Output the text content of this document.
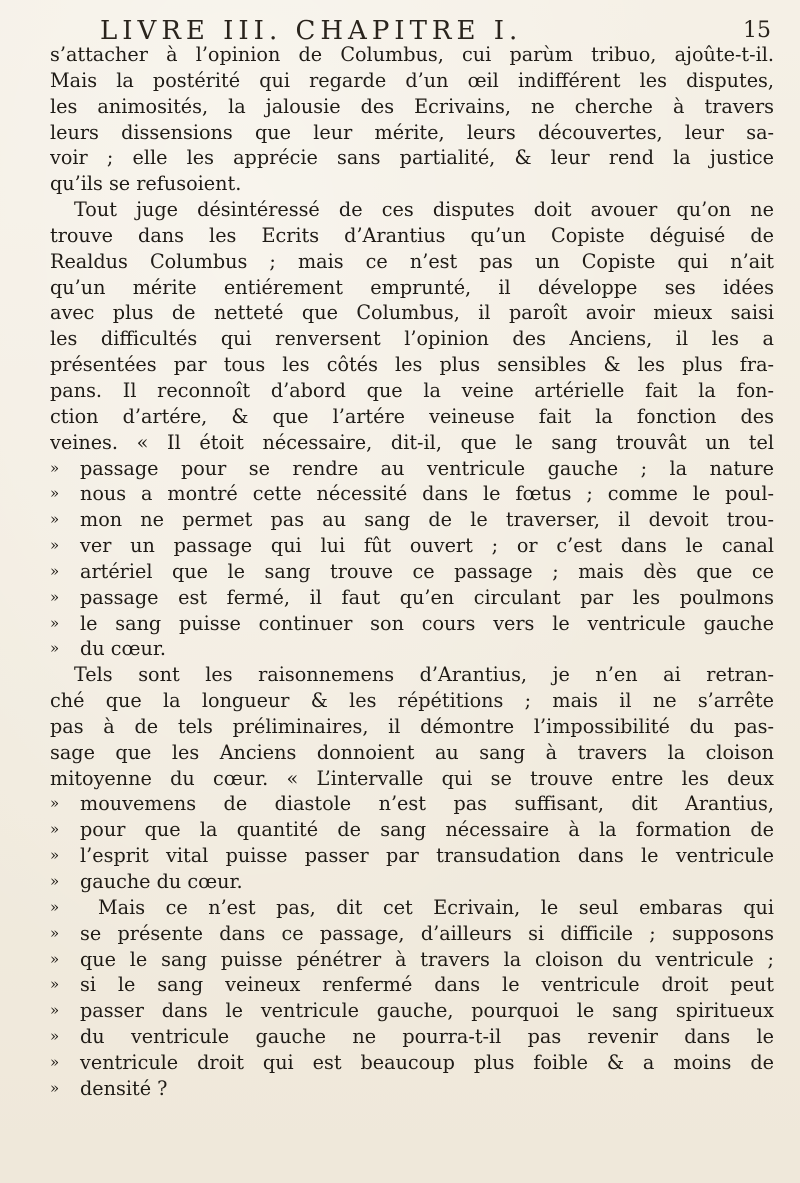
LIVRE III. CHAPITRE I.	15
s’attacher à l’opinion de Columbus, cui parùm tribuo, ajoûte-t-il.
Mais la postérité qui regarde d’un œil indifférent les disputes,
les animosités, la jalousie des Ecrivains, ne cherche à travers
leurs dissensions que leur mérite, leurs découvertes, leur sa-
voir ; elle les apprécie sans partialité, & leur rend la justice
qu’ils se refusoient.
Tout juge désintéressé de ces disputes doit avouer qu’on ne
trouve dans les Ecrits d’Arantius qu’un Copiste déguisé de
Realdus Columbus ; mais ce n’est pas un Copiste qui n’ait
qu’un mérite entiérement emprunté, il développe ses idées
avec plus de netteté que Columbus, il paroît avoir mieux saisi
les difficultés qui renversent l’opinion des Anciens, il les a
présentées par tous les côtés les plus sensibles & les plus fra-
pans. Il reconnoît d’abord que la veine artérielle fait la fon-
ction d’artére, & que l’artére veineuse fait la fonction des
veines. « Il étoit nécessaire, dit-il, que le sang trouvât un tel
»	passage pour se rendre au ventricule gauche ; la nature
»	nous a montré cette nécessité dans le fœtus ; comme le poul-
»	mon ne permet pas au sang de le traverser, il devoit trou-
»	ver un passage qui lui fût ouvert ; or c’est dans le canal
»	artériel que le sang trouve ce passage ; mais dès que ce
»	passage est fermé, il faut qu’en circulant par les poulmons
»	le sang puisse continuer son cours vers le ventricule gauche
»	du cœur.
Tels sont les raisonnemens d’Arantius, je n’en ai retran-
ché que la longueur & les répétitions ; mais il ne s’arrête
pas à de tels préliminaires, il démontre l’impossibilité du pas-
sage que les Anciens donnoient au sang à travers la cloison
mitoyenne du cœur. « L’intervalle qui se trouve entre les deux
»	mouvemens de diastole n’est pas suffisant, dit Arantius,
»	pour que la quantité de sang nécessaire à la formation de
»	l’esprit vital puisse passer par transudation dans le ventricule
»	gauche du cœur.
»	Mais ce n’est pas, dit cet Ecrivain, le seul embaras qui
»	se présente dans ce passage, d’ailleurs si difficile ; supposons
»	que le sang puisse pénétrer à travers la cloison du ventricule ;
»	si le sang veineux renfermé dans le ventricule droit peut
»	passer dans le ventricule gauche, pourquoi le sang spiritueux
»	du ventricule gauche ne pourra-t-il pas revenir dans le
»	ventricule droit qui est beaucoup plus foible & a moins de
»	densité ?
